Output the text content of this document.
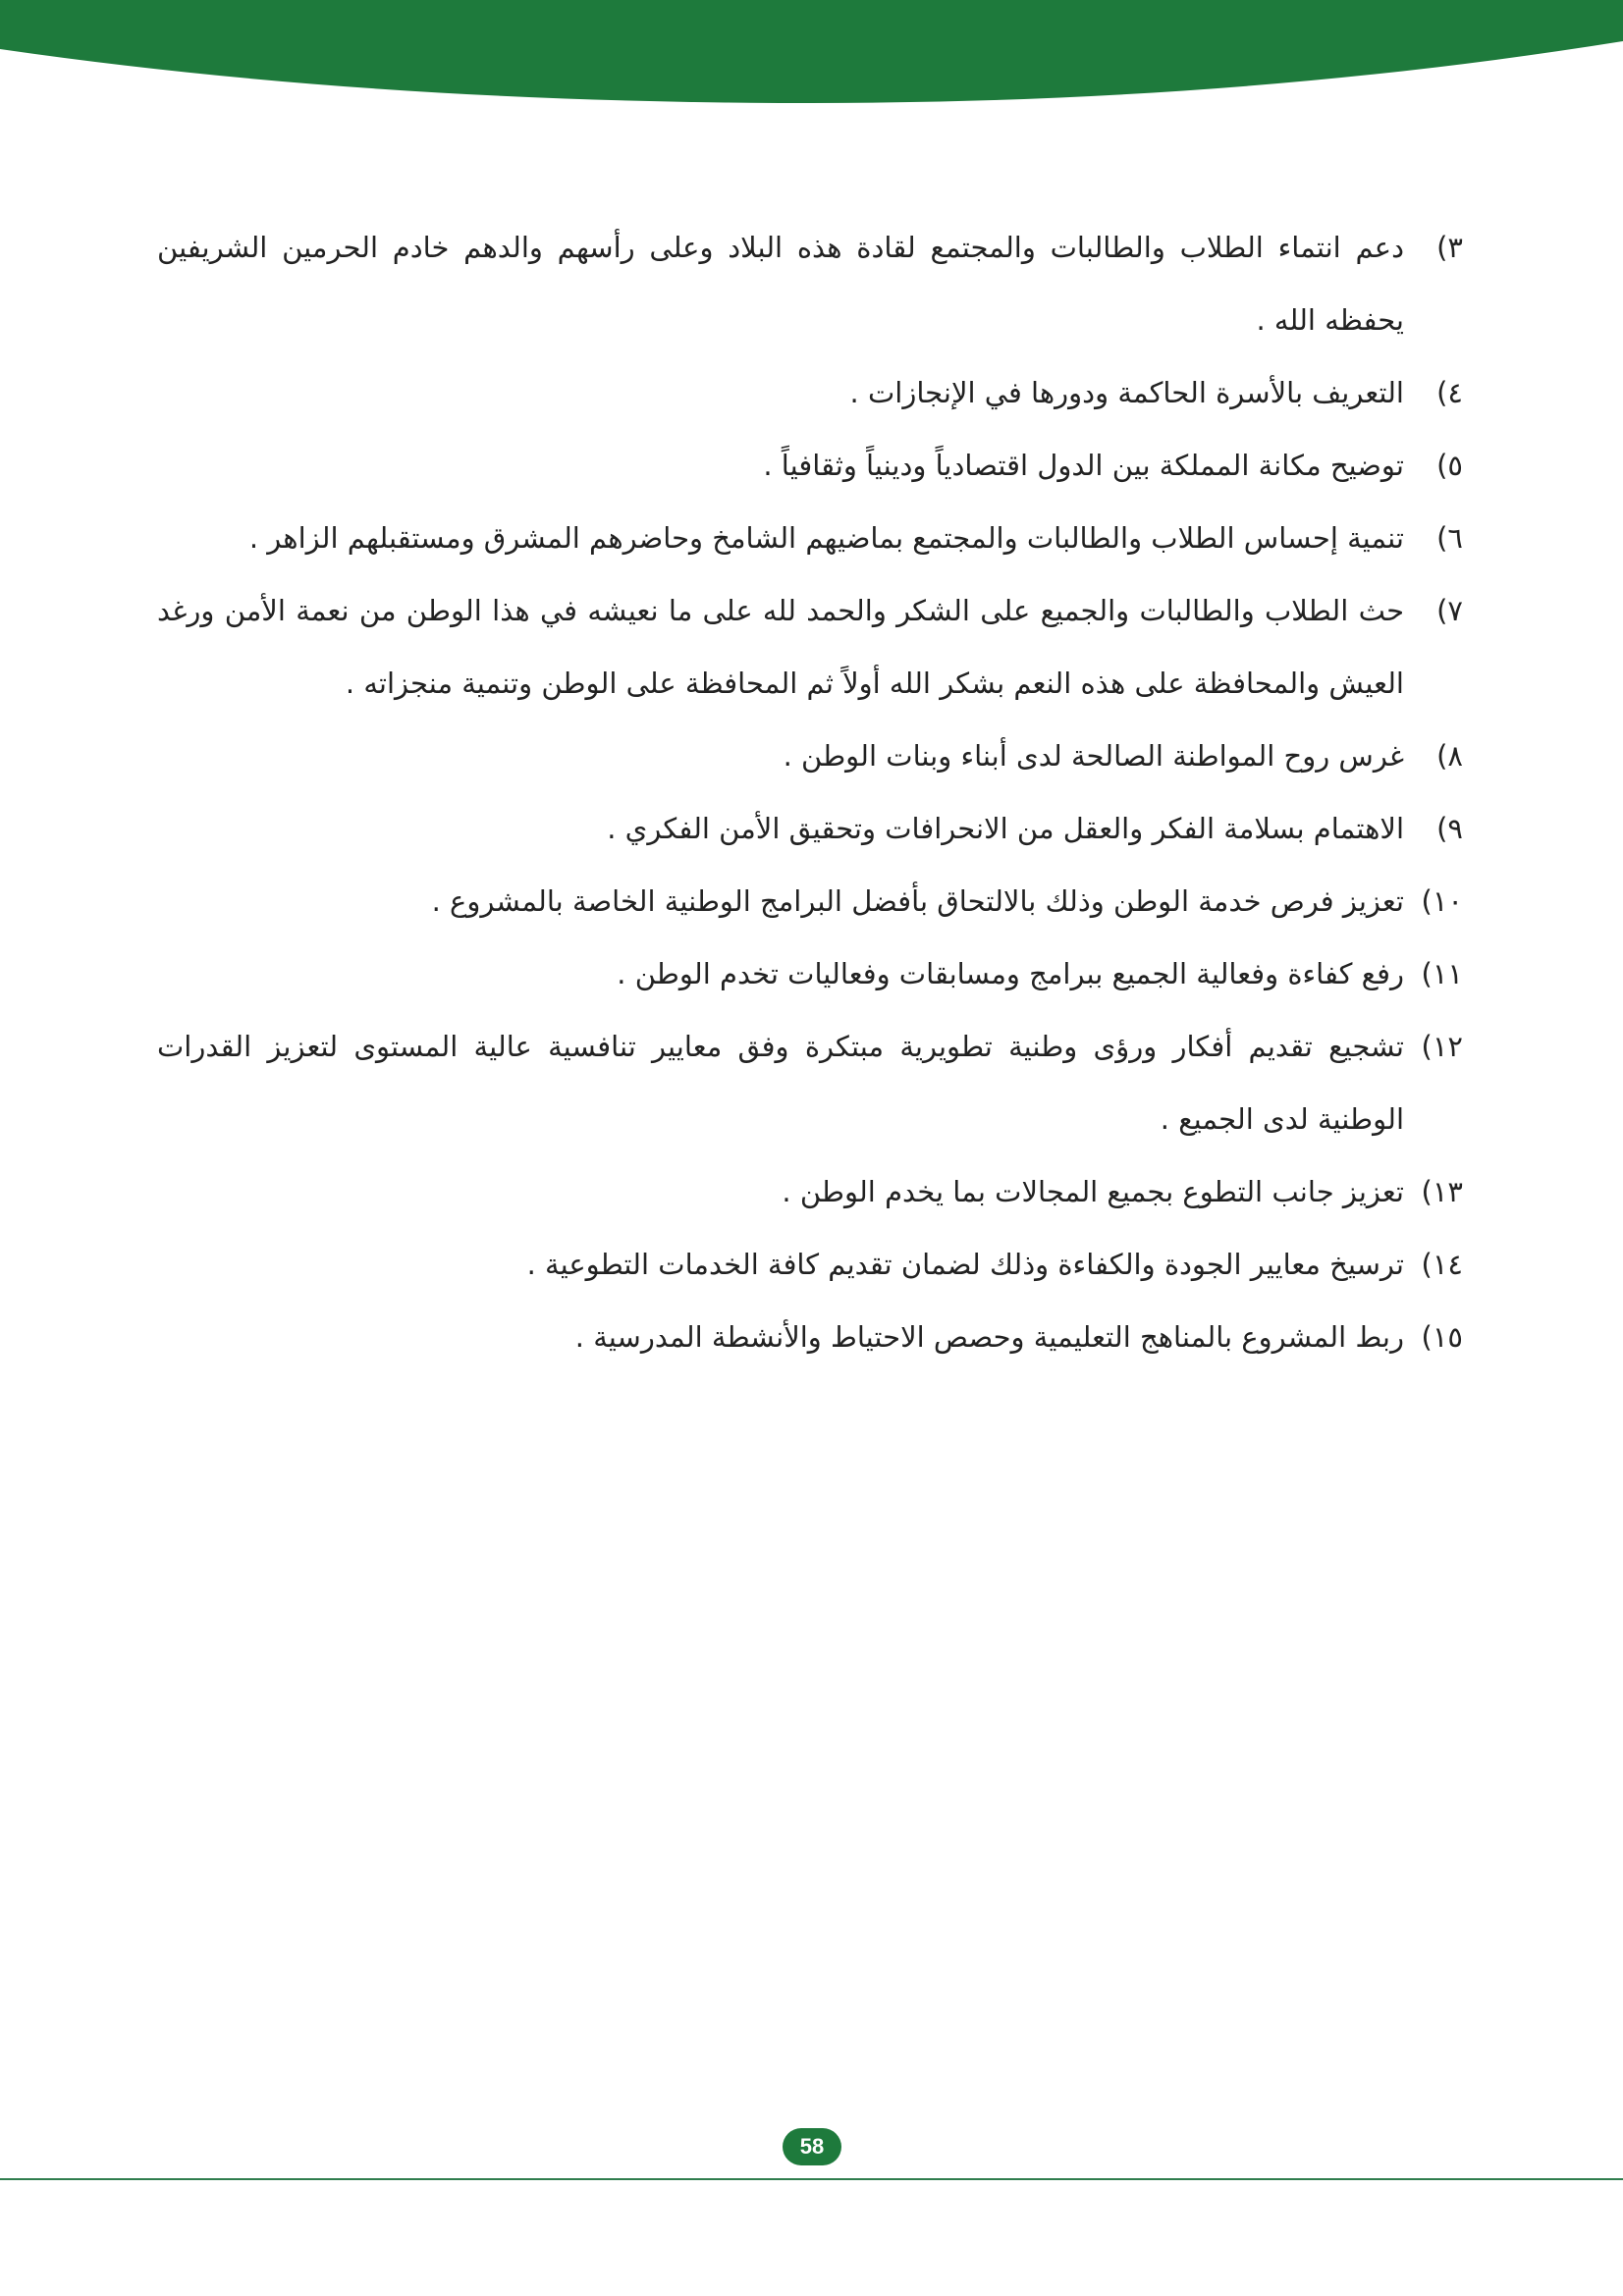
٣)
دعم انتماء الطلاب والطالبات والمجتمع لقادة هذه البلاد وعلى رأسهم والدهم خادم الحرمين الشريفين يحفظه الله .

٤)
التعريف بالأسرة الحاكمة ودورها في الإنجازات .

٥)
توضيح مكانة المملكة بين الدول اقتصادياً ودينياً وثقافياً .

٦)
تنمية إحساس الطلاب والطالبات والمجتمع بماضيهم الشامخ وحاضرهم المشرق ومستقبلهم الزاهر .

٧)
حث الطلاب والطالبات والجميع على الشكر والحمد لله على ما نعيشه في هذا الوطن من نعمة الأمن ورغد العيش والمحافظة على هذه النعم بشكر الله أولاً ثم المحافظة على الوطن وتنمية منجزاته .

٨)
غرس روح المواطنة الصالحة لدى أبناء وبنات الوطن .

٩)
الاهتمام بسلامة الفكر والعقل من الانحرافات وتحقيق الأمن الفكري .

١٠)
تعزيز فرص خدمة الوطن وذلك بالالتحاق بأفضل البرامج الوطنية الخاصة بالمشروع .

١١)
رفع كفاءة وفعالية الجميع ببرامج ومسابقات وفعاليات تخدم الوطن .

١٢)
تشجيع تقديم أفكار ورؤى وطنية تطويرية مبتكرة وفق معايير تنافسية عالية المستوى لتعزيز القدرات الوطنية لدى الجميع .

١٣)
تعزيز جانب التطوع بجميع المجالات بما يخدم الوطن .

١٤)
ترسيخ معايير الجودة والكفاءة وذلك لضمان تقديم كافة الخدمات التطوعية .

١٥)
ربط المشروع بالمناهج التعليمية وحصص الاحتياط والأنشطة المدرسية .

58
